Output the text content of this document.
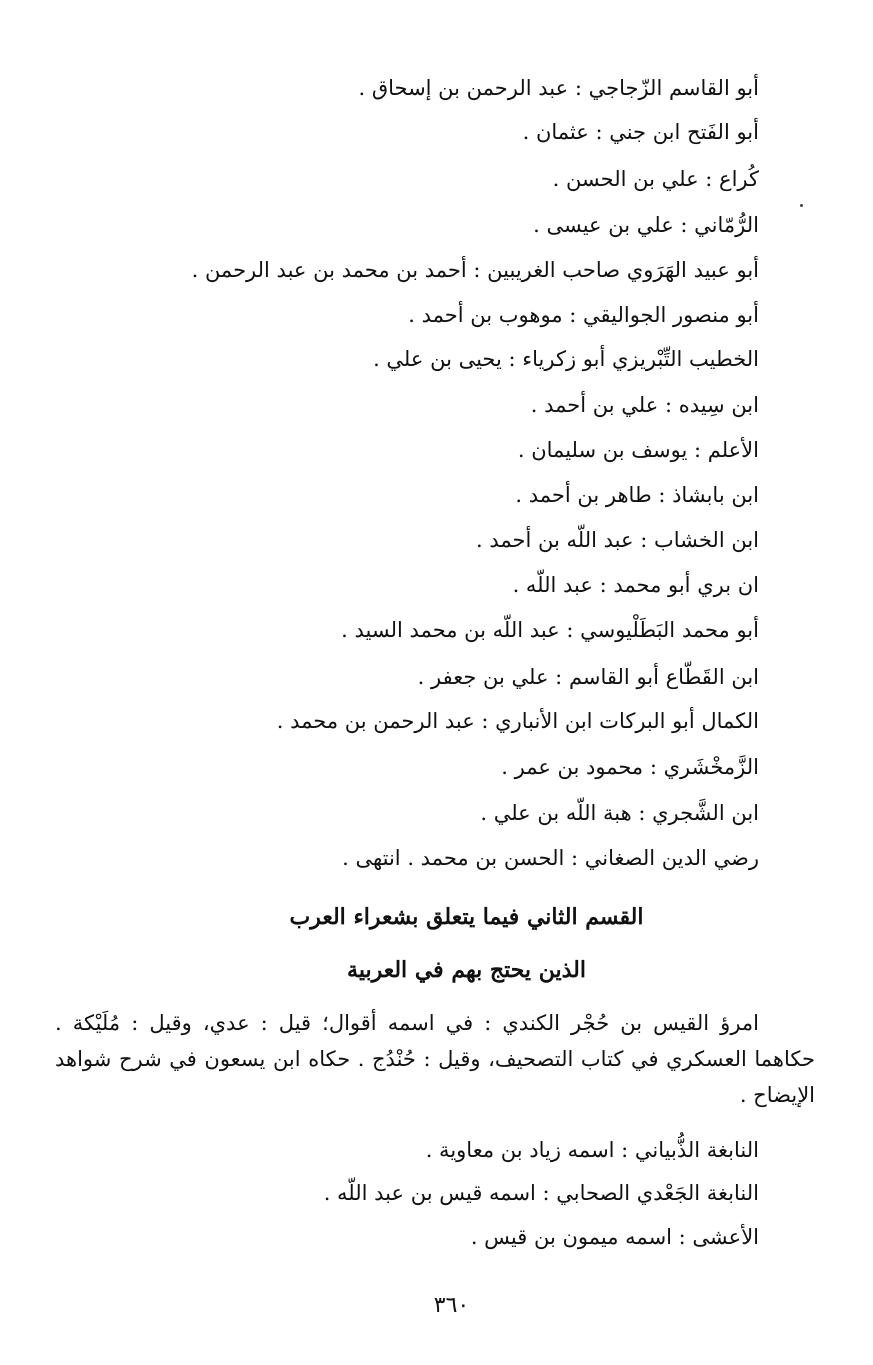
أبو القاسم الزّجاجي : عبد الرحمن بن إسحاق .
أبو الفَتح ابن جني : عثمان .
كُراع : علي بن الحسن .
الرُّمّاني : علي بن عيسى .
أبو عبيد الهَرَوي صاحب الغريبين : أحمد بن محمد بن عبد الرحمن .
أبو منصور الجواليقي : موهوب بن أحمد .
الخطيب التِّبْريزي أبو زكرياء : يحيى بن علي .
ابن سِيده : علي بن أحمد .
الأعلم : يوسف بن سليمان .
ابن بابشاذ : طاهر بن أحمد .
ابن الخشاب : عبد اللّه بن أحمد .
ان بري أبو محمد : عبد اللّه .
أبو محمد البَطَلْيوسي : عبد اللّه بن محمد السيد .
ابن القَطّاع أبو القاسم : علي بن جعفر .
الكمال أبو البركات ابن الأنباري : عبد الرحمن بن محمد .
الزَّمخْشَري : محمود بن عمر .
ابن الشَّجري : هبة اللّه بن علي .
رضي الدين الصغاني : الحسن بن محمد . انتهى .
القسم الثاني فيما يتعلق بشعراء العرب
الذين يحتج بهم في العربية
امرؤ القيس بن حُجْر الكندي : في اسمه أقوال؛ قيل : عدي، وقيل : مُلَيْكة . حكاهما العسكري في كتاب التصحيف، وقيل : حُنْدُج . حكاه ابن يسعون في شرح شواهد الإيضاح .
النابغة الذُّبياني : اسمه زياد بن معاوية .
النابغة الجَعْدي الصحابي : اسمه قيس بن عبد اللّه .
الأعشى : اسمه ميمون بن قيس .
٣٦٠
